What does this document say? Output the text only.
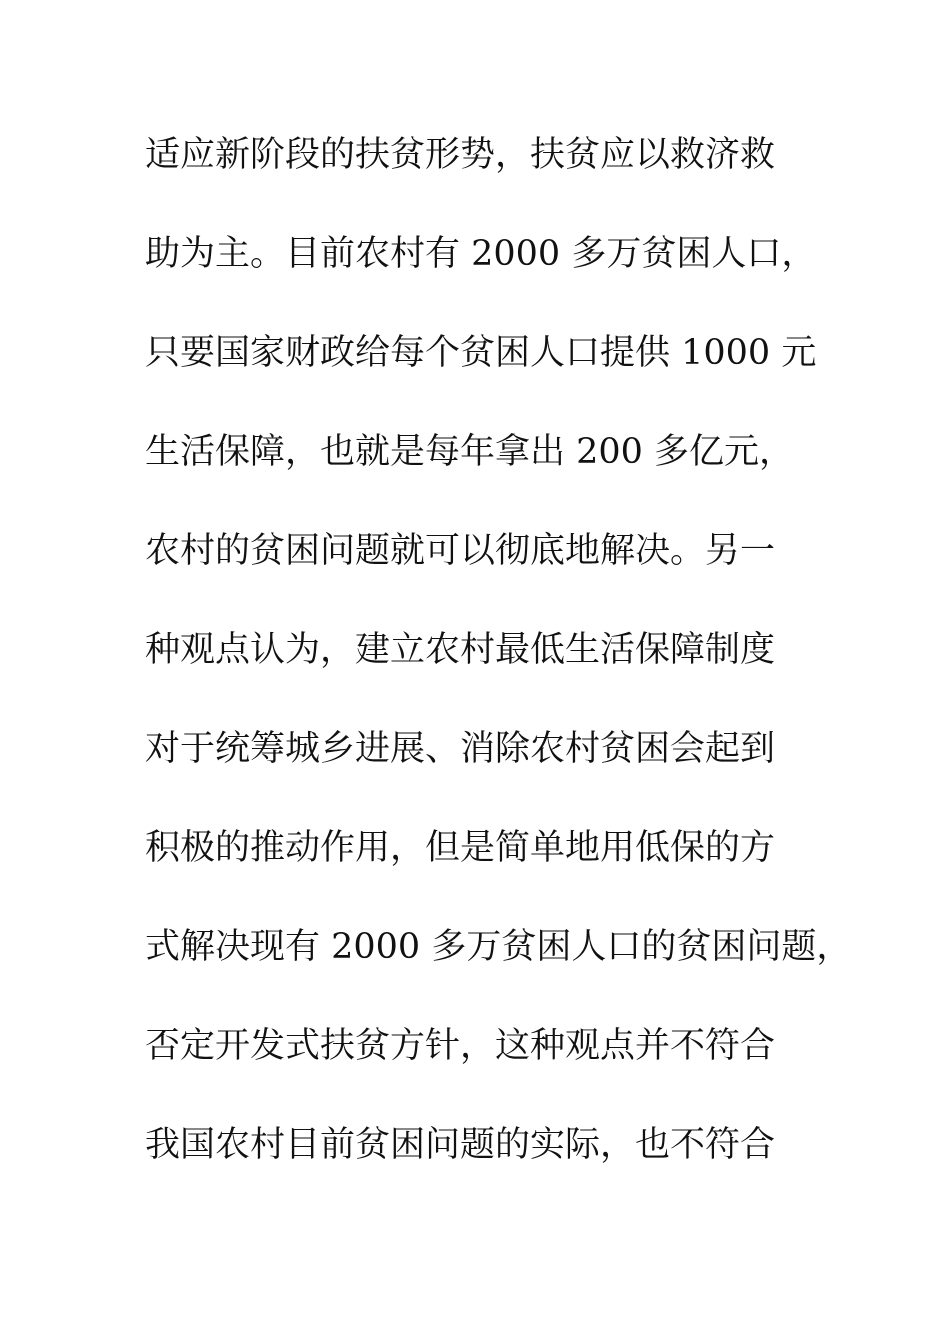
适应新阶段的扶贫形势，扶贫应以救济救
助为主。目前农村有 2000 多万贫困人口，
只要国家财政给每个贫困人口提供 1000 元
生活保障，也就是每年拿出 200 多亿元，
农村的贫困问题就可以彻底地解决。另一
种观点认为，建立农村最低生活保障制度
对于统筹城乡进展、消除农村贫困会起到
积极的推动作用，但是简单地用低保的方
式解决现有 2000 多万贫困人口的贫困问题，
否定开发式扶贫方针，这种观点并不符合
我国农村目前贫困问题的实际，也不符合
